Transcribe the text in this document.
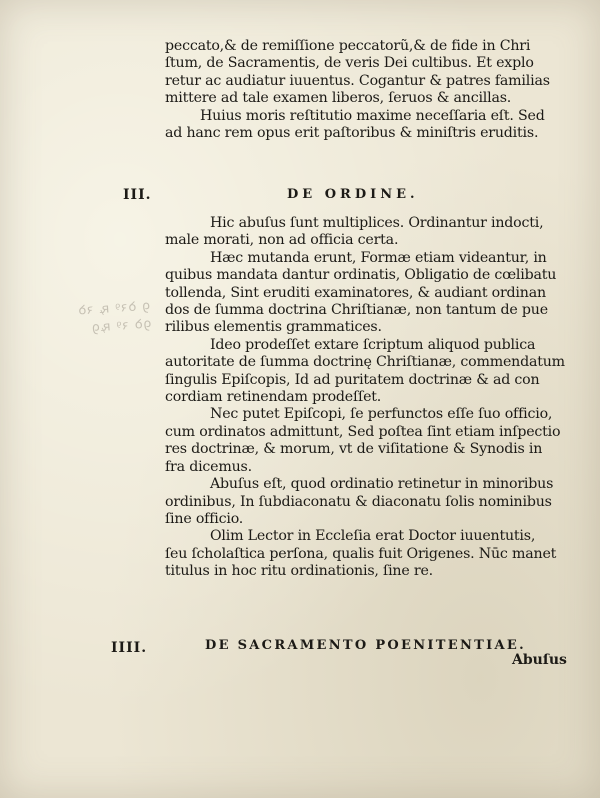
ꝯ ꝺꝛꝰ ꝶ ꝛꝺ
ꝯꝺ ꝛꝰ ꝶꝯ
peccato,& de remiſſione peccatorũ,& de fide in Chri
ſtum, de Sacramentis, de veris Dei cultibus. Et explo
retur ac audiatur iuuentus. Cogantur & patres familias
mittere ad tale examen liberos, ſeruos & ancillas.
Huius moris reſtitutio maxime neceſſaria eſt. Sed
ad hanc rem opus erit paſtoribus & miniſtris eruditis.
III.	DE ORDINE.
Hic abuſus ſunt multiplices. Ordinantur indocti,
male morati, non ad officia certa.
Hæc mutanda erunt, Formæ etiam videantur, in
quibus mandata dantur ordinatis, Obligatio de cœlibatu
tollenda, Sint eruditi examinatores, & audiant ordinan
dos de ſumma doctrina Chriſtianæ, non tantum de pue
rilibus elementis grammatices.
Ideo prodeſſet extare ſcriptum aliquod publica
autoritate de ſumma doctrinę Chriſtianæ, commendatum
ſingulis Epiſcopis, Id ad puritatem doctrinæ & ad con
cordiam retinendam prodeſſet.
Nec putet Epiſcopi, ſe perfunctos eſſe ſuo officio,
cum ordinatos admittunt, Sed poſtea ſint etiam inſpectio
res doctrinæ, & morum, vt de viſitatione & Synodis in
fra dicemus.
Abuſus eſt, quod ordinatio retinetur in minoribus
ordinibus, In ſubdiaconatu & diaconatu ſolis nominibus
ſine officio.
Olim Lector in Eccleſia erat Doctor iuuentutis,
ſeu ſcholaſtica perſona, qualis fuit Origenes. Nūc manet
titulus in hoc ritu ordinationis, ſine re.
IIII.	DE SACRAMENTO POENITENTIAE.
Abuſus
